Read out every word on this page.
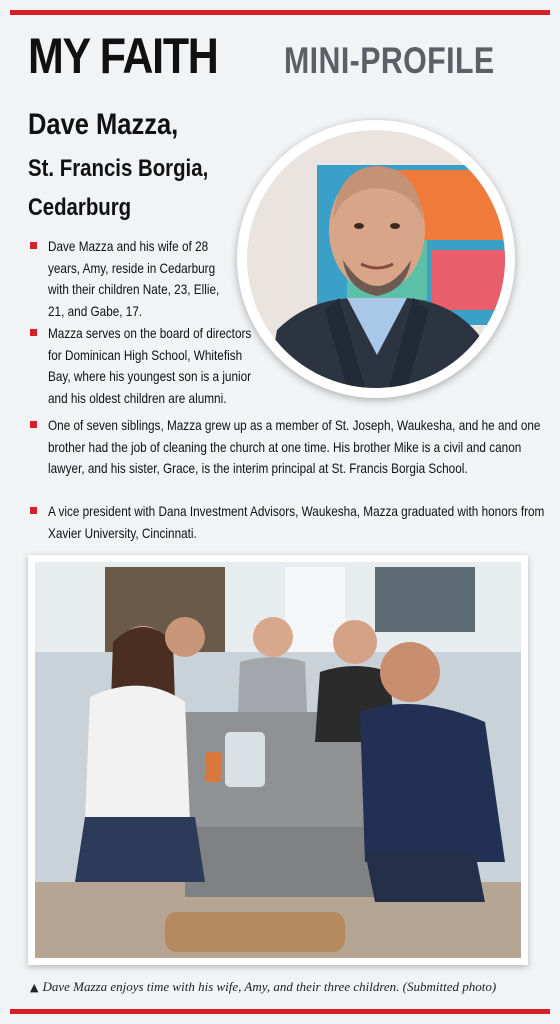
MY FAITH MINI-PROFILE
Dave Mazza,
St. Francis Borgia,
Cedarburg
Dave Mazza and his wife of 28 years, Amy, reside in Cedarburg with their children Nate, 23, Ellie, 21, and Gabe, 17.
Mazza serves on the board of directors for Dominican High School, Whitefish Bay, where his youngest son is a junior and his oldest children are alumni.
One of seven siblings, Mazza grew up as a member of St. Joseph, Waukesha, and he and one brother had the job of cleaning the church at one time. His brother Mike is a civil and canon lawyer, and his sister, Grace, is the interim principal at St. Francis Borgia School.
A vice president with Dana Investment Advisors, Waukesha, Mazza graduated with honors from Xavier University, Cincinnati.
▲ Dave Mazza enjoys time with his wife, Amy, and their three children. (Submitted photo)
